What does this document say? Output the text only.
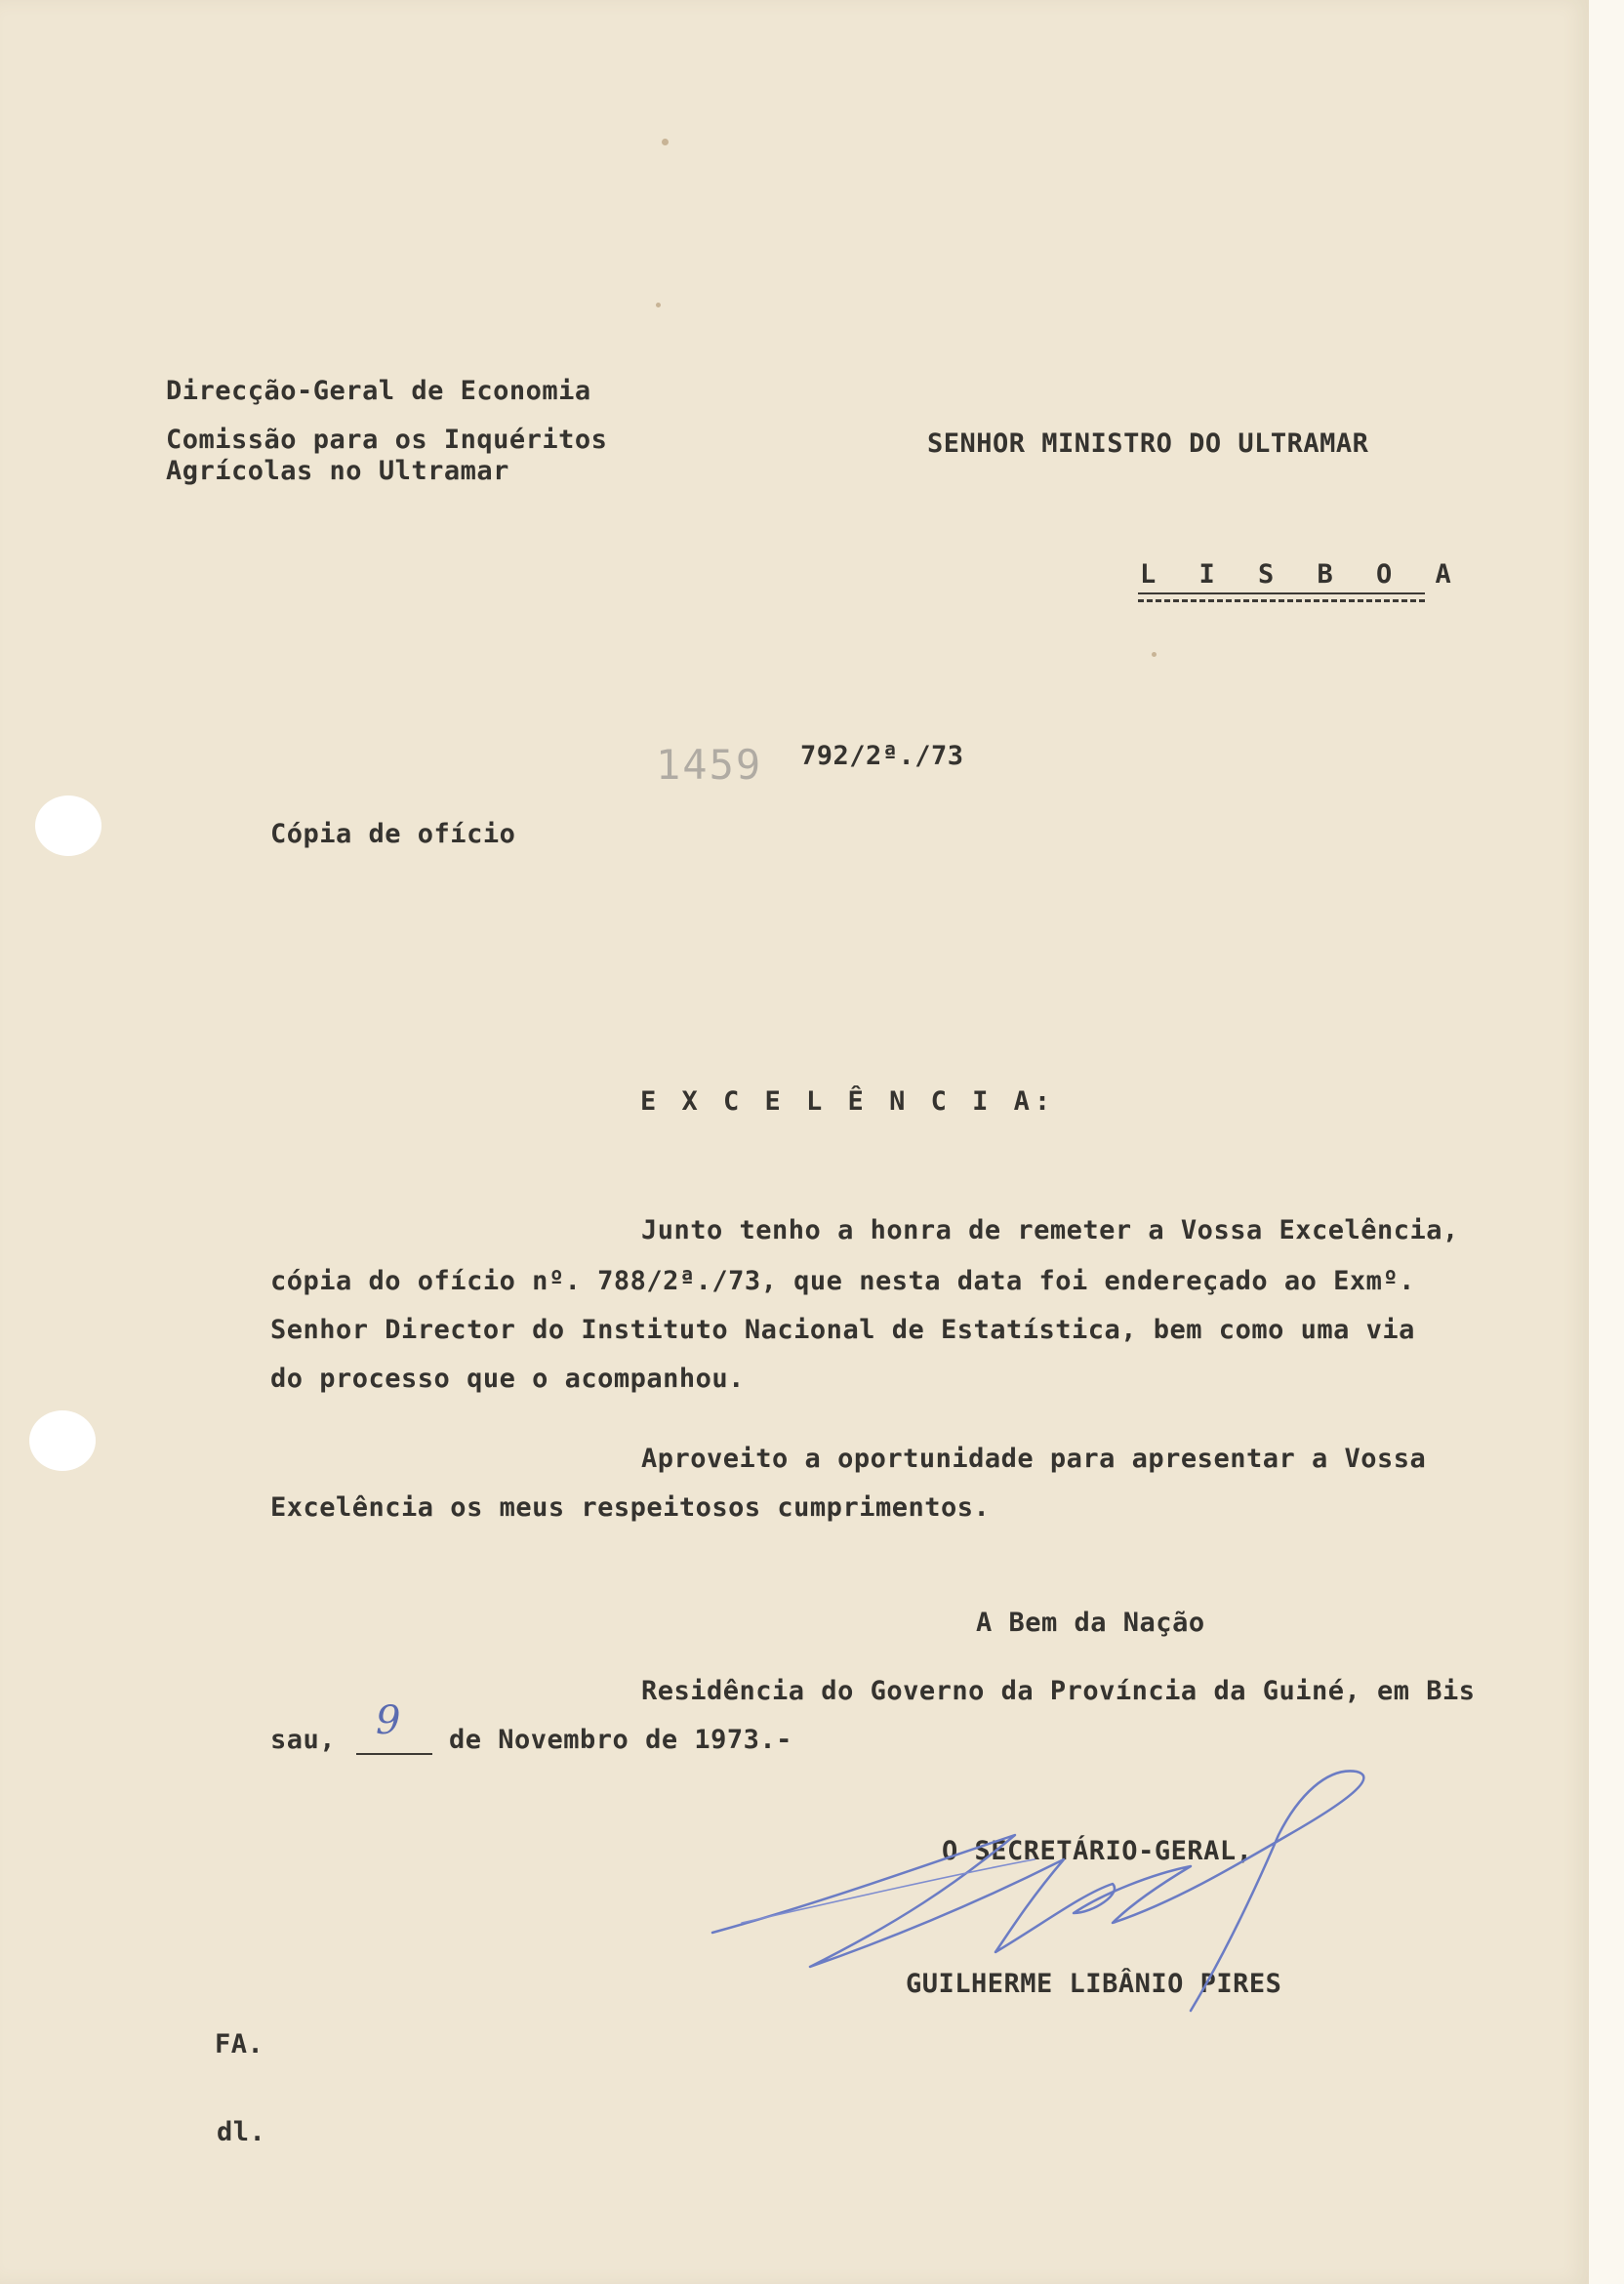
Direcção-Geral de Economia
Comissão para os Inquéritos
Agrícolas no Ultramar
SENHOR MINISTRO DO ULTRAMAR
L I S B O A
1459 792/2ª./73
Cópia de ofício
E X C E L Ê N C I A:
Junto tenho a honra de remeter a Vossa Excelência,
cópia do ofício nº. 788/2ª./73, que nesta data foi endereçado ao Exmº.
Senhor Director do Instituto Nacional de Estatística, bem como uma via
do processo que o acompanhou.
Aproveito a oportunidade para apresentar a Vossa
Excelência os meus respeitosos cumprimentos.
A Bem da Nação
Residência do Governo da Província da Guiné, em Bis
sau, 9 de Novembro de 1973.-
O SECRETÁRIO-GERAL,
GUILHERME LIBÂNIO PIRES
FA.
dl.
